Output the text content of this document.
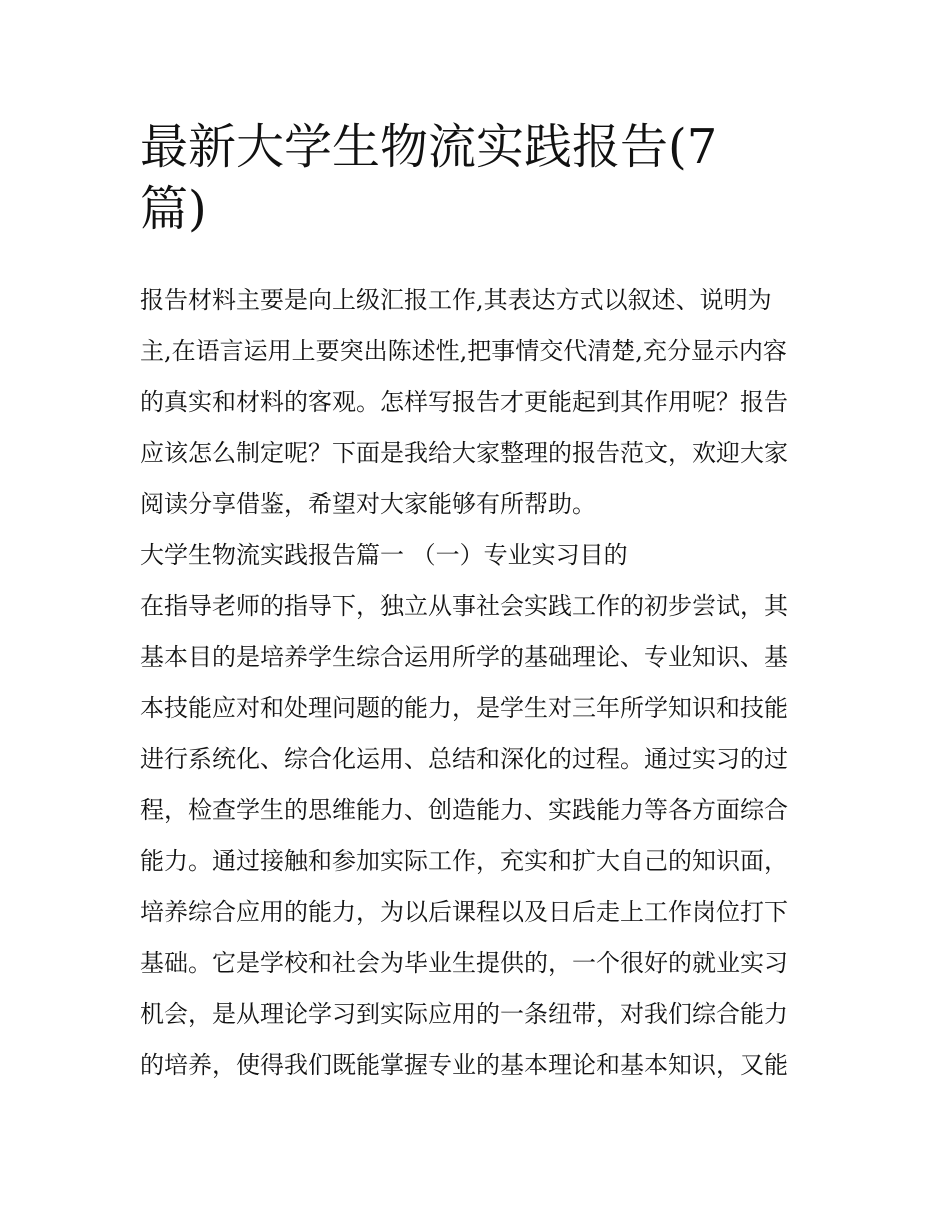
最新大学生物流实践报告(7
篇)
报告材料主要是向上级汇报工作,其表达方式以叙述、说明为
主,在语言运用上要突出陈述性,把事情交代清楚,充分显示内容
的真实和材料的客观。怎样写报告才更能起到其作用呢？报告
应该怎么制定呢？下面是我给大家整理的报告范文，欢迎大家
阅读分享借鉴，希望对大家能够有所帮助。
大学生物流实践报告篇一 （一）专业实习目的
在指导老师的指导下，独立从事社会实践工作的初步尝试，其
基本目的是培养学生综合运用所学的基础理论、专业知识、基
本技能应对和处理问题的能力，是学生对三年所学知识和技能
进行系统化、综合化运用、总结和深化的过程。通过实习的过
程，检查学生的思维能力、创造能力、实践能力等各方面综合
能力。通过接触和参加实际工作，充实和扩大自己的知识面，
培养综合应用的能力，为以后课程以及日后走上工作岗位打下
基础。它是学校和社会为毕业生提供的，一个很好的就业实习
机会，是从理论学习到实际应用的一条纽带，对我们综合能力
的培养，使得我们既能掌握专业的基本理论和基本知识，又能
